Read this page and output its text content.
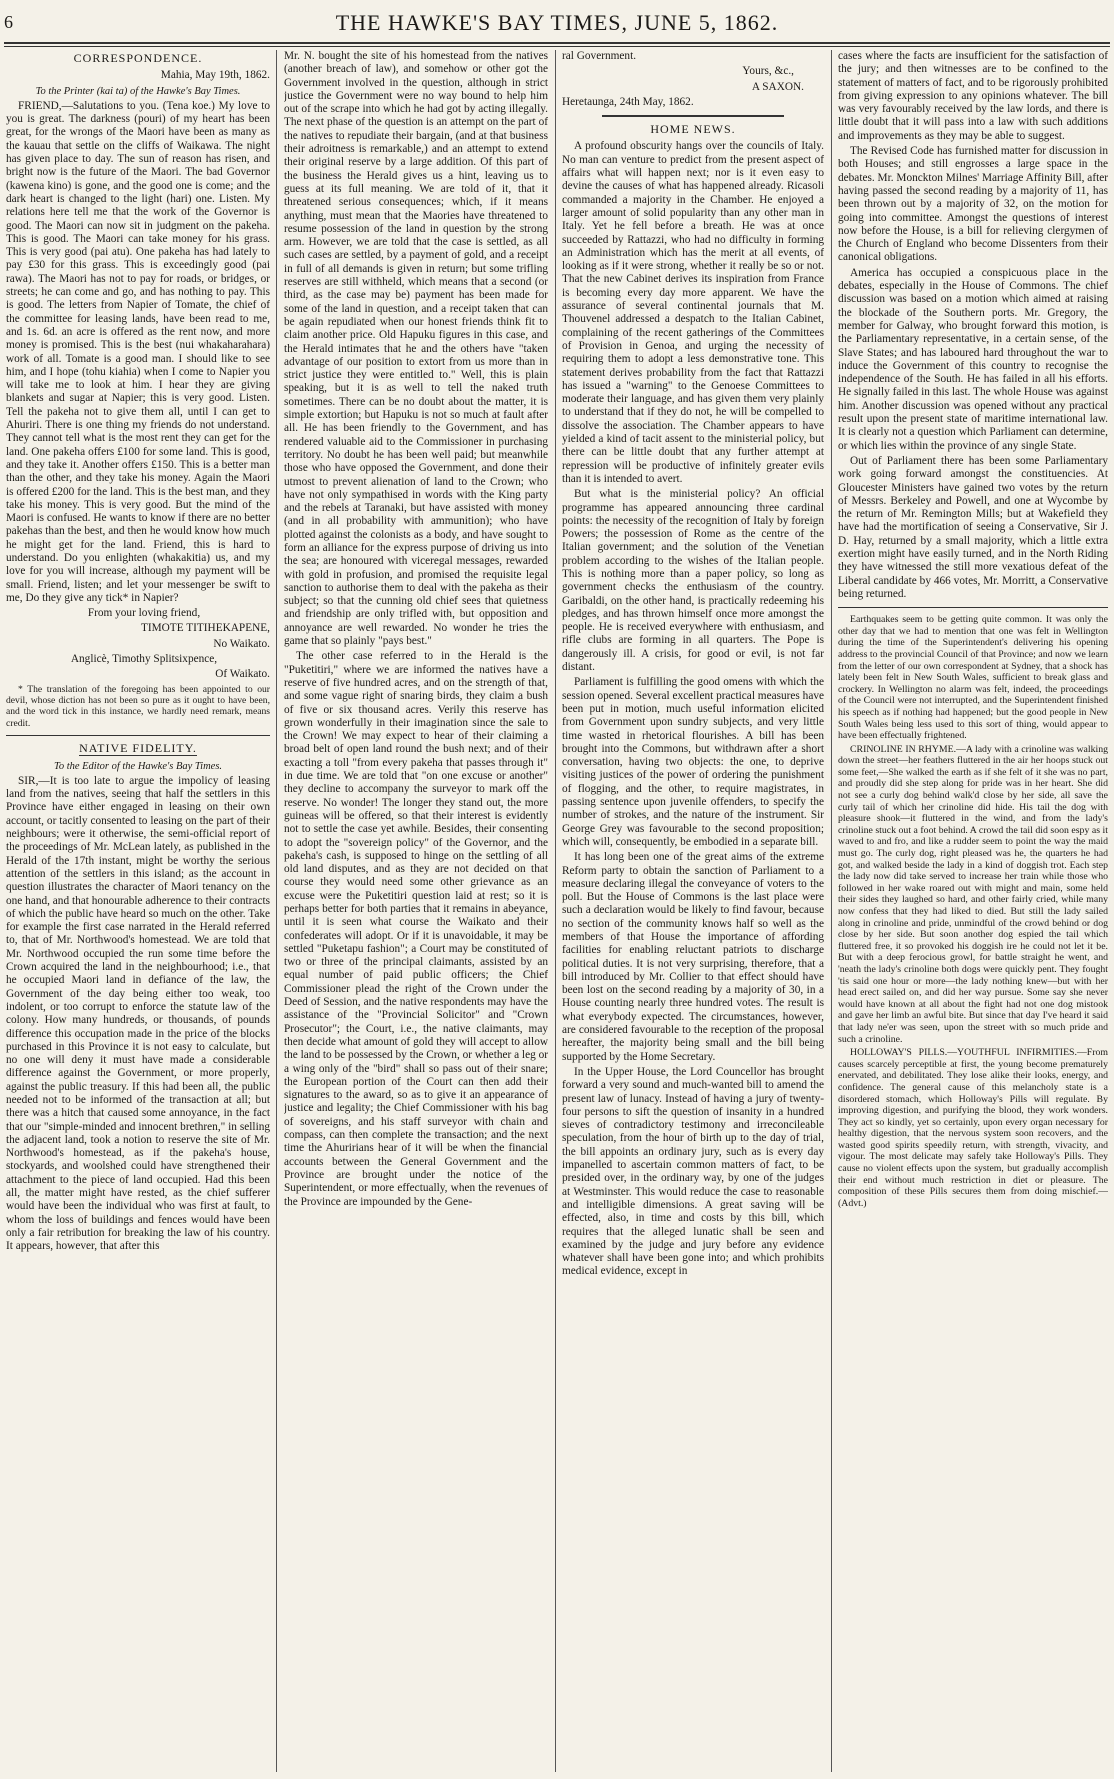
6	THE HAWKE'S BAY TIMES, JUNE 5, 1862.
CORRESPONDENCE.

Mahia, May 19th, 1862.

To the Printer (kai ta) of the Hawke's Bay Times.

FRIEND,—Salutations to you. (Tena koe.) My love to you is great. The darkness (pouri) of my heart has been great, for the wrongs of the Maori have been as many as the kauau that settle on the cliffs of Waikawa. The night has given place to day. The sun of reason has risen, and bright now is the future of the Maori. The bad Governor (kawena kino) is gone, and the good one is come; and the dark heart is changed to the light (hari) one. Listen. My relations here tell me that the work of the Governor is good. The Maori can now sit in judgment on the pakeha. This is good. The Maori can take money for his grass. This is very good (pai atu). One pakeha has had lately to pay £30 for this grass. This is exceedingly good (pai rawa). The Maori has not to pay for roads, or bridges, or streets; he can come and go, and has nothing to pay. This is good. The letters from Napier of Tomate, the chief of the committee for leasing lands, have been read to me, and 1s. 6d. an acre is offered as the rent now, and more money is promised. This is the best (nui whakaharahara) work of all. Tomate is a good man. I should like to see him, and I hope (tohu kiahia) when I come to Napier you will take me to look at him. I hear they are giving blankets and sugar at Napier; this is very good. Listen. Tell the pakeha not to give them all, until I can get to Ahuriri. There is one thing my friends do not understand. They cannot tell what is the most rent they can get for the land. One pakeha offers £100 for some land. This is good, and they take it. Another offers £150. This is a better man than the other, and they take his money. Again the Maori is offered £200 for the land. This is the best man, and they take his money. This is very good. But the mind of the Maori is confused. He wants to know if there are no better pakehas than the best, and then he would know how much he might get for the land. Friend, this is hard to understand. Do you enlighten (whakakitia) us, and my love for you will increase, although my payment will be small. Friend, listen; and let your messenger be swift to me, Do they give any tick* in Napier?

From your loving friend,

TIMOTE TITIHEKAPENE,

No Waikato.

Anglicè, Timothy Splitsixpence,

Of Waikato.

* The translation of the foregoing has been appointed to our devil, whose diction has not been so pure as it ought to have been, and the word tick in this instance, we hardly need remark, means credit.

NATIVE FIDELITY.

To the Editor of the Hawke's Bay Times.

SIR,—It is too late to argue the impolicy of leasing land from the natives, seeing that half the settlers in this Province have either engaged in leasing on their own account, or tacitly consented to leasing on the part of their neighbours; were it otherwise, the semi-official report of the proceedings of Mr. McLean lately, as published in the Herald of the 17th instant, might be worthy the serious attention of the settlers in this island; as the account in question illustrates the character of Maori tenancy on the one hand, and that honourable adherence to their contracts of which the public have heard so much on the other. Take for example the first case narrated in the Herald referred to, that of Mr. Northwood's homestead. We are told that Mr. Northwood occupied the run some time before the Crown acquired the land in the neighbourhood; i.e., that he occupied Maori land in defiance of the law, the Government of the day being either too weak, too indolent, or too corrupt to enforce the statute law of the colony. How many hundreds, or thousands, of pounds difference this occupation made in the price of the blocks purchased in this Province it is not easy to calculate, but no one will deny it must have made a considerable difference against the Government, or more properly, against the public treasury. If this had been all, the public needed not to be informed of the transaction at all; but there was a hitch that caused some annoyance, in the fact that our "simple-minded and innocent brethren," in selling the adjacent land, took a notion to reserve the site of Mr. Northwood's homestead, as if the pakeha's house, stockyards, and woolshed could have strengthened their attachment to the piece of land occupied. Had this been all, the matter might have rested, as the chief sufferer would have been the individual who was first at fault, to whom the loss of buildings and fences would have been only a fair retribution for breaking the law of his country. It appears, however, that after this

Mr. N. bought the site of his homestead from the natives (another breach of law), and somehow or other got the Government involved in the question, although in strict justice the Government were no way bound to help him out of the scrape into which he had got by acting illegally. The next phase of the question is an attempt on the part of the natives to repudiate their bargain, (and at that business their adroitness is remarkable,) and an attempt to extend their original reserve by a large addition. Of this part of the business the Herald gives us a hint, leaving us to guess at its full meaning. We are told of it, that it threatened serious consequences; which, if it means anything, must mean that the Maories have threatened to resume possession of the land in question by the strong arm. However, we are told that the case is settled, as all such cases are settled, by a payment of gold, and a receipt in full of all demands is given in return; but some trifling reserves are still withheld, which means that a second (or third, as the case may be) payment has been made for some of the land in question, and a receipt taken that can be again repudiated when our honest friends think fit to claim another price. Old Hapuku figures in this case, and the Herald intimates that he and the others have "taken advantage of our position to extort from us more than in strict justice they were entitled to." Well, this is plain speaking, but it is as well to tell the naked truth sometimes. There can be no doubt about the matter, it is simple extortion; but Hapuku is not so much at fault after all. He has been friendly to the Government, and has rendered valuable aid to the Commissioner in purchasing territory. No doubt he has been well paid; but meanwhile those who have opposed the Government, and done their utmost to prevent alienation of land to the Crown; who have not only sympathised in words with the King party and the rebels at Taranaki, but have assisted with money (and in all probability with ammunition); who have plotted against the colonists as a body, and have sought to form an alliance for the express purpose of driving us into the sea; are honoured with viceregal messages, rewarded with gold in profusion, and promised the requisite legal sanction to authorise them to deal with the pakeha as their subject; so that the cunning old chief sees that quietness and friendship are only trifled with, but opposition and annoyance are well rewarded. No wonder he tries the game that so plainly "pays best."

The other case referred to in the Herald is the "Puketitiri," where we are informed the natives have a reserve of five hundred acres, and on the strength of that, and some vague right of snaring birds, they claim a bush of five or six thousand acres. Verily this reserve has grown wonderfully in their imagination since the sale to the Crown! We may expect to hear of their claiming a broad belt of open land round the bush next; and of their exacting a toll "from every pakeha that passes through it" in due time. We are told that "on one excuse or another" they decline to accompany the surveyor to mark off the reserve. No wonder! The longer they stand out, the more guineas will be offered, so that their interest is evidently not to settle the case yet awhile. Besides, their consenting to adopt the "sovereign policy" of the Governor, and the pakeha's cash, is supposed to hinge on the settling of all old land disputes, and as they are not decided on that course they would need some other grievance as an excuse were the Puketitiri question laid at rest; so it is perhaps better for both parties that it remains in abeyance, until it is seen what course the Waikato and their confederates will adopt. Or if it is unavoidable, it may be settled "Puketapu fashion"; a Court may be constituted of two or three of the principal claimants, assisted by an equal number of paid public officers; the Chief Commissioner plead the right of the Crown under the Deed of Session, and the native respondents may have the assistance of the "Provincial Solicitor" and "Crown Prosecutor"; the Court, i.e., the native claimants, may then decide what amount of gold they will accept to allow the land to be possessed by the Crown, or whether a leg or a wing only of the "bird" shall so pass out of their snare; the European portion of the Court can then add their signatures to the award, so as to give it an appearance of justice and legality; the Chief Commissioner with his bag of sovereigns, and his staff surveyor with chain and compass, can then complete the transaction; and the next time the Ahuririans hear of it will be when the financial accounts between the General Government and the Province are brought under the notice of the Superintendent, or more effectually, when the revenues of the Province are impounded by the Gene-

ral Government.

Yours, &c.,

A SAXON.

Heretaunga, 24th May, 1862.

HOME NEWS.

A profound obscurity hangs over the councils of Italy. No man can venture to predict from the present aspect of affairs what will happen next; nor is it even easy to devine the causes of what has happened already. Ricasoli commanded a majority in the Chamber. He enjoyed a larger amount of solid popularity than any other man in Italy. Yet he fell before a breath. He was at once succeeded by Rattazzi, who had no difficulty in forming an Administration which has the merit at all events, of looking as if it were strong, whether it really be so or not. That the new Cabinet derives its inspiration from France is becoming every day more apparent. We have the assurance of several continental journals that M. Thouvenel addressed a despatch to the Italian Cabinet, complaining of the recent gatherings of the Committees of Provision in Genoa, and urging the necessity of requiring them to adopt a less demonstrative tone. This statement derives probability from the fact that Rattazzi has issued a "warning" to the Genoese Committees to moderate their language, and has given them very plainly to understand that if they do not, he will be compelled to dissolve the association. The Chamber appears to have yielded a kind of tacit assent to the ministerial policy, but there can be little doubt that any further attempt at repression will be productive of infinitely greater evils than it is intended to avert.

But what is the ministerial policy? An official programme has appeared announcing three cardinal points: the necessity of the recognition of Italy by foreign Powers; the possession of Rome as the centre of the Italian government; and the solution of the Venetian problem according to the wishes of the Italian people. This is nothing more than a paper policy, so long as government checks the enthusiasm of the country. Garibaldi, on the other hand, is practically redeeming his pledges, and has thrown himself once more amongst the people. He is received everywhere with enthusiasm, and rifle clubs are forming in all quarters. The Pope is dangerously ill. A crisis, for good or evil, is not far distant.

Parliament is fulfilling the good omens with which the session opened. Several excellent practical measures have been put in motion, much useful information elicited from Government upon sundry subjects, and very little time wasted in rhetorical flourishes. A bill has been brought into the Commons, but withdrawn after a short conversation, having two objects: the one, to deprive visiting justices of the power of ordering the punishment of flogging, and the other, to require magistrates, in passing sentence upon juvenile offenders, to specify the number of strokes, and the nature of the instrument. Sir George Grey was favourable to the second proposition; which will, consequently, be embodied in a separate bill.

It has long been one of the great aims of the extreme Reform party to obtain the sanction of Parliament to a measure declaring illegal the conveyance of voters to the poll. But the House of Commons is the last place were such a declaration would be likely to find favour, because no section of the community knows half so well as the members of that House the importance of affording facilities for enabling reluctant patriots to discharge political duties. It is not very surprising, therefore, that a bill introduced by Mr. Collier to that effect should have been lost on the second reading by a majority of 30, in a House counting nearly three hundred votes. The result is what everybody expected. The circumstances, however, are considered favourable to the reception of the proposal hereafter, the majority being small and the bill being supported by the Home Secretary.

In the Upper House, the Lord Councellor has brought forward a very sound and much-wanted bill to amend the present law of lunacy. Instead of having a jury of twenty-four persons to sift the question of insanity in a hundred sieves of contradictory testimony and irreconcileable speculation, from the hour of birth up to the day of trial, the bill appoints an ordinary jury, such as is every day impanelled to ascertain common matters of fact, to be presided over, in the ordinary way, by one of the judges at Westminster. This would reduce the case to reasonable and intelligible dimensions. A great saving will be effected, also, in time and costs by this bill, which requires that the alleged lunatic shall be seen and examined by the judge and jury before any evidence whatever shall have been gone into; and which prohibits medical evidence, except in

cases where the facts are insufficient for the satisfaction of the jury; and then witnesses are to be confined to the statement of matters of fact, and to be rigorously prohibited from giving expression to any opinions whatever. The bill was very favourably received by the law lords, and there is little doubt that it will pass into a law with such additions and improvements as they may be able to suggest.

The Revised Code has furnished matter for discussion in both Houses; and still engrosses a large space in the debates. Mr. Monckton Milnes' Marriage Affinity Bill, after having passed the second reading by a majority of 11, has been thrown out by a majority of 32, on the motion for going into committee. Amongst the questions of interest now before the House, is a bill for relieving clergymen of the Church of England who become Dissenters from their canonical obligations.

America has occupied a conspicuous place in the debates, especially in the House of Commons. The chief discussion was based on a motion which aimed at raising the blockade of the Southern ports. Mr. Gregory, the member for Galway, who brought forward this motion, is the Parliamentary representative, in a certain sense, of the Slave States; and has laboured hard throughout the war to induce the Government of this country to recognise the independence of the South. He has failed in all his efforts. He signally failed in this last. The whole House was against him. Another discussion was opened without any practical result upon the present state of maritime international law. It is clearly not a question which Parliament can determine, or which lies within the province of any single State.

Out of Parliament there has been some Parliamentary work going forward amongst the constituencies. At Gloucester Ministers have gained two votes by the return of Messrs. Berkeley and Powell, and one at Wycombe by the return of Mr. Remington Mills; but at Wakefield they have had the mortification of seeing a Conservative, Sir J. D. Hay, returned by a small majority, which a little extra exertion might have easily turned, and in the North Riding they have witnessed the still more vexatious defeat of the Liberal candidate by 466 votes, Mr. Morritt, a Conservative being returned.

Earthquakes seem to be getting quite common. It was only the other day that we had to mention that one was felt in Wellington during the time of the Superintendent's delivering his opening address to the provincial Council of that Province; and now we learn from the letter of our own correspondent at Sydney, that a shock has lately been felt in New South Wales, sufficient to break glass and crockery. In Wellington no alarm was felt, indeed, the proceedings of the Council were not interrupted, and the Superintendent finished his speech as if nothing had happened; but the good people in New South Wales being less used to this sort of thing, would appear to have been effectually frightened.

CRINOLINE IN RHYME.—A lady with a crinoline was walking down the street—her feathers fluttered in the air her hoops stuck out some feet,—She walked the earth as if she felt of it she was no part, and proudly did she step along for pride was in her heart. She did not see a curly dog behind walk'd close by her side, all save the curly tail of which her crinoline did hide. His tail the dog with pleasure shook—it fluttered in the wind, and from the lady's crinoline stuck out a foot behind. A crowd the tail did soon espy as it waved to and fro, and like a rudder seem to point the way the maid must go. The curly dog, right pleased was he, the quarters he had got, and walked beside the lady in a kind of doggish trot. Each step the lady now did take served to increase her train while those who followed in her wake roared out with might and main, some held their sides they laughed so hard, and other fairly cried, while many now confess that they had liked to died. But still the lady sailed along in crinoline and pride, unmindful of the crowd behind or dog close by her side. But soon another dog espied the tail which fluttered free, it so provoked his doggish ire he could not let it be. But with a deep ferocious growl, for battle straight he went, and 'neath the lady's crinoline both dogs were quickly pent. They fought 'tis said one hour or more—the lady nothing knew—but with her head erect sailed on, and did her way pursue. Some say she never would have known at all about the fight had not one dog mistook and gave her limb an awful bite. But since that day I've heard it said that lady ne'er was seen, upon the street with so much pride and such a crinoline.

HOLLOWAY'S PILLS.—YOUTHFUL INFIRMITIES.—From causes scarcely perceptible at first, the young become prematurely enervated, and debilitated. They lose alike their looks, energy, and confidence. The general cause of this melancholy state is a disordered stomach, which Holloway's Pills will regulate. By improving digestion, and purifying the blood, they work wonders. They act so kindly, yet so certainly, upon every organ necessary for healthy digestion, that the nervous system soon recovers, and the wasted good spirits speedily return, with strength, vivacity, and vigour. The most delicate may safely take Holloway's Pills. They cause no violent effects upon the system, but gradually accomplish their end without much restriction in diet or pleasure. The composition of these Pills secures them from doing mischief.—(Advt.)
